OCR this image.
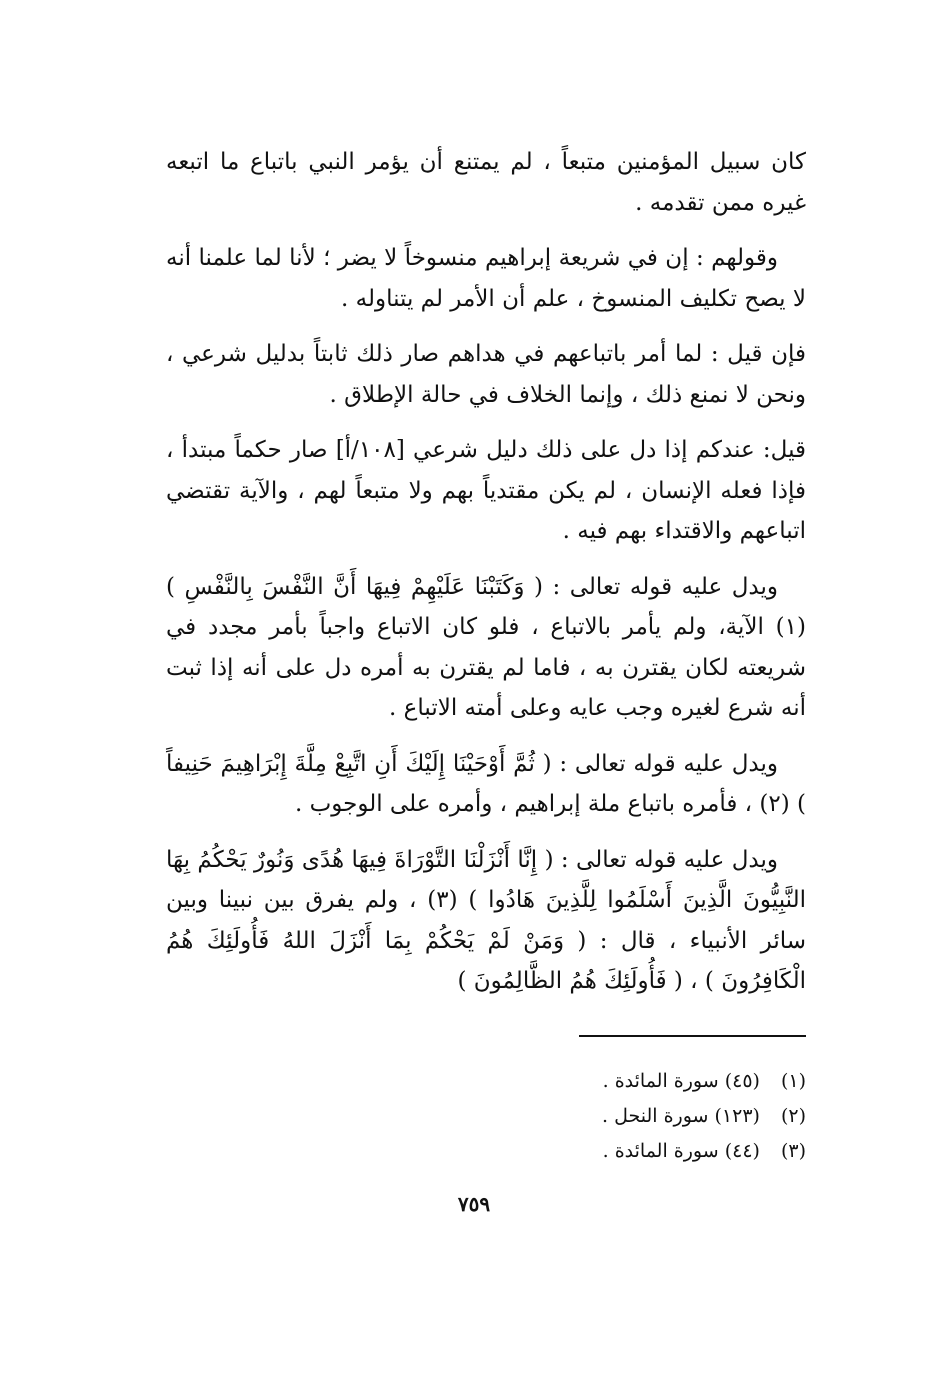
كان سبيل المؤمنين متبعاً ، لم يمتنع أن يؤمر النبي باتباع ما اتبعه غيره ممن تقدمه .

وقولهم : إن في شريعة إبراهيم منسوخاً لا يضر ؛ لأنا لما علمنا أنه لا يصح تكليف المنسوخ ، علم أن الأمر لم يتناوله .

فإن قيل : لما أمر باتباعهم في هداهم صار ذلك ثابتاً بدليل شرعي ، ونحن لا نمنع ذلك ، وإنما الخلاف في حالة الإطلاق .

قيل: عندكم إذا دل على ذلك دليل شرعي [١٠٨/أ] صار حكماً مبتدأ ، فإذا فعله الإنسان ، لم يكن مقتدياً بهم ولا متبعاً لهم ، والآية تقتضي اتباعهم والاقتداء بهم فيه .

ويدل عليه قوله تعالى : ( وَكَتَبْنَا عَلَيْهِمْ فِيهَا أَنَّ النَّفْسَ بِالنَّفْسِ ) (١) الآية، ولم يأمر بالاتباع ، فلو كان الاتباع واجباً بأمر مجدد في شريعته لكان يقترن به ، فاما لم يقترن به أمره دل على أنه إذا ثبت أنه شرع لغيره وجب عايه وعلى أمته الاتباع .

ويدل عليه قوله تعالى : ( ثُمَّ أَوْحَيْنَا إِلَيْكَ أَنِ اتَّبِعْ مِلَّةَ إِبْرَاهِيمَ حَنِيفاً ) (٢) ، فأمره باتباع ملة إبراهيم ، وأمره على الوجوب .

ويدل عليه قوله تعالى : ( إِنَّا أَنْزَلْنَا التَّوْرَاةَ فِيهَا هُدًى وَنُورٌ يَحْكُمُ بِهَا النَّبِيُّونَ الَّذِينَ أَسْلَمُوا لِلَّذِينَ هَادُوا ) (٣) ، ولم يفرق بين نبينا وبين سائر الأنبياء ، قال : ( وَمَنْ لَمْ يَحْكُمْ بِمَا أَنْزَلَ اللهُ فَأُولَئِكَ هُمُ الْكَافِرُونَ ) ، ( فَأُولَئِكَ هُمُ الظَّالِمُونَ )

(١) (٤٥) سورة المائدة .
(٢) (١٢٣) سورة النحل .
(٣) (٤٤) سورة المائدة .
٧٥٩
